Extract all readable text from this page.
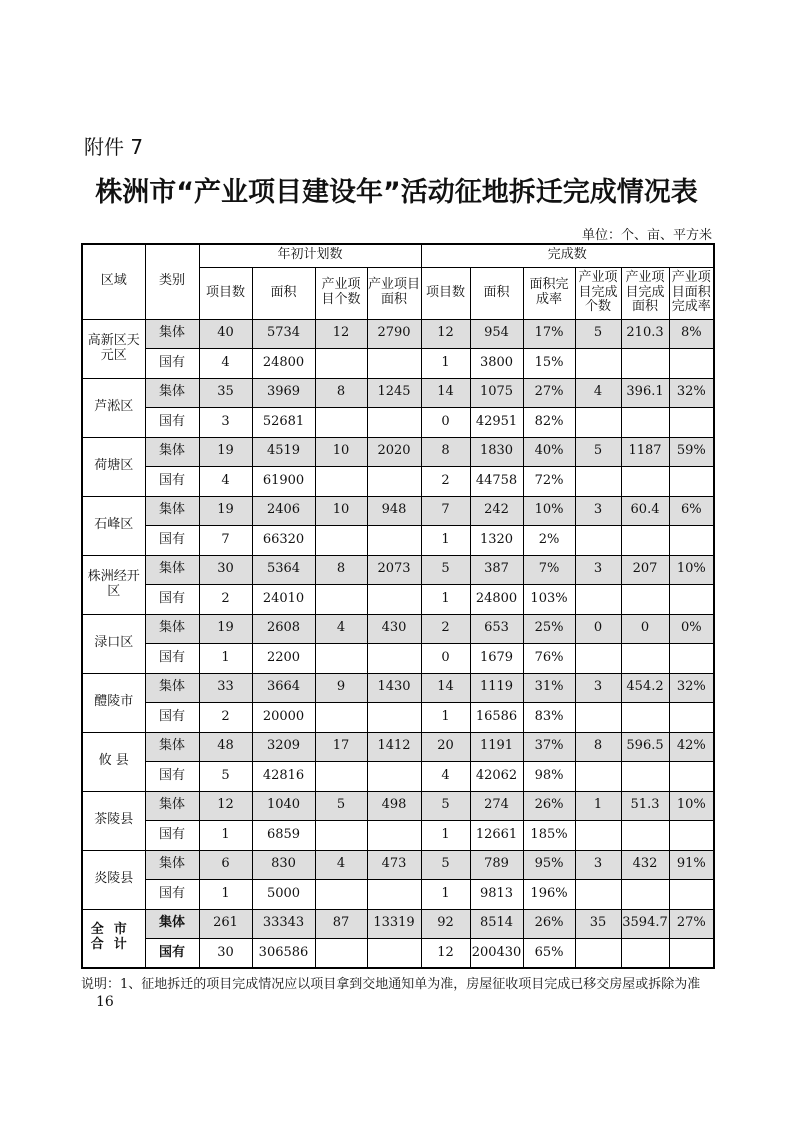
附件 7
株洲市“产业项目建设年”活动征地拆迁完成情况表
单位：个、亩、平方米
区域	类别	年初计划数				完成数					
		项目数	面积	产业项目个数	产业项目面积	项目数	面积	面积完成率	产业项目完成个数	产业项目完成面积	产业项目面积完成率
高新区天元区	集体	40	5734	12	2790	12	954	17%	5	210.3	8%
	国有	4	24800			1	3800	15%			
芦淞区	集体	35	3969	8	1245	14	1075	27%	4	396.1	32%
	国有	3	52681			0	42951	82%			
荷塘区	集体	19	4519	10	2020	8	1830	40%	5	1187	59%
	国有	4	61900			2	44758	72%			
石峰区	集体	19	2406	10	948	7	242	10%	3	60.4	6%
	国有	7	66320			1	1320	2%			
株洲经开区	集体	30	5364	8	2073	5	387	7%	3	207	10%
	国有	2	24010			1	24800	103%			
渌口区	集体	19	2608	4	430	2	653	25%	0	0	0%
	国有	1	2200			0	1679	76%			
醴陵市	集体	33	3664	9	1430	14	1119	31%	3	454.2	32%
	国有	2	20000			1	16586	83%			
攸 县	集体	48	3209	17	1412	20	1191	37%	8	596.5	42%
	国有	5	42816			4	42062	98%			
茶陵县	集体	12	1040	5	498	5	274	26%	1	51.3	10%
	国有	1	6859			1	12661	185%			
炎陵县	集体	6	830	4	473	5	789	95%	3	432	91%
	国有	1	5000			1	9813	196%			
全市合计	集体	261	33343	87	13319	92	8514	26%	35	3594.7	27%
	国有	30	306586			12	200430	65%			
说明：1、征地拆迁的项目完成情况应以项目拿到交地通知单为准，房屋征收项目完成已移交房屋或拆除为准
16
